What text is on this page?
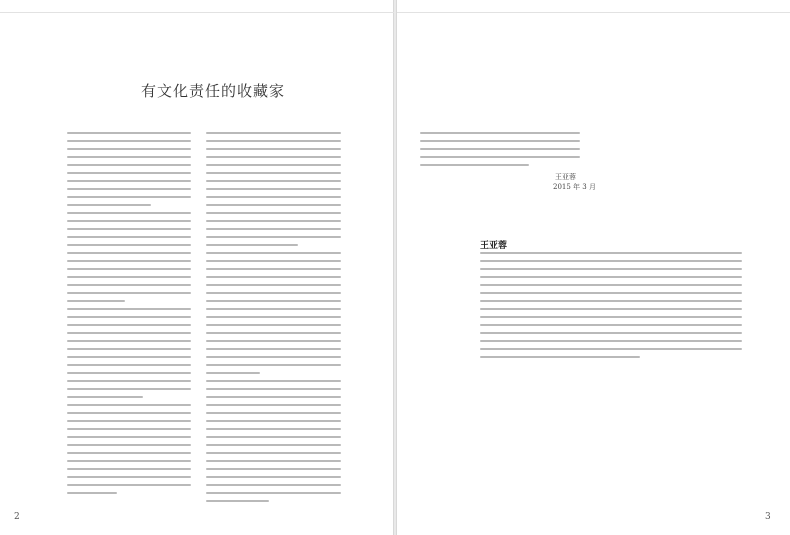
有文化责任的收藏家
2	3
王亚蓉
2015 年 3 月
王亚蓉
